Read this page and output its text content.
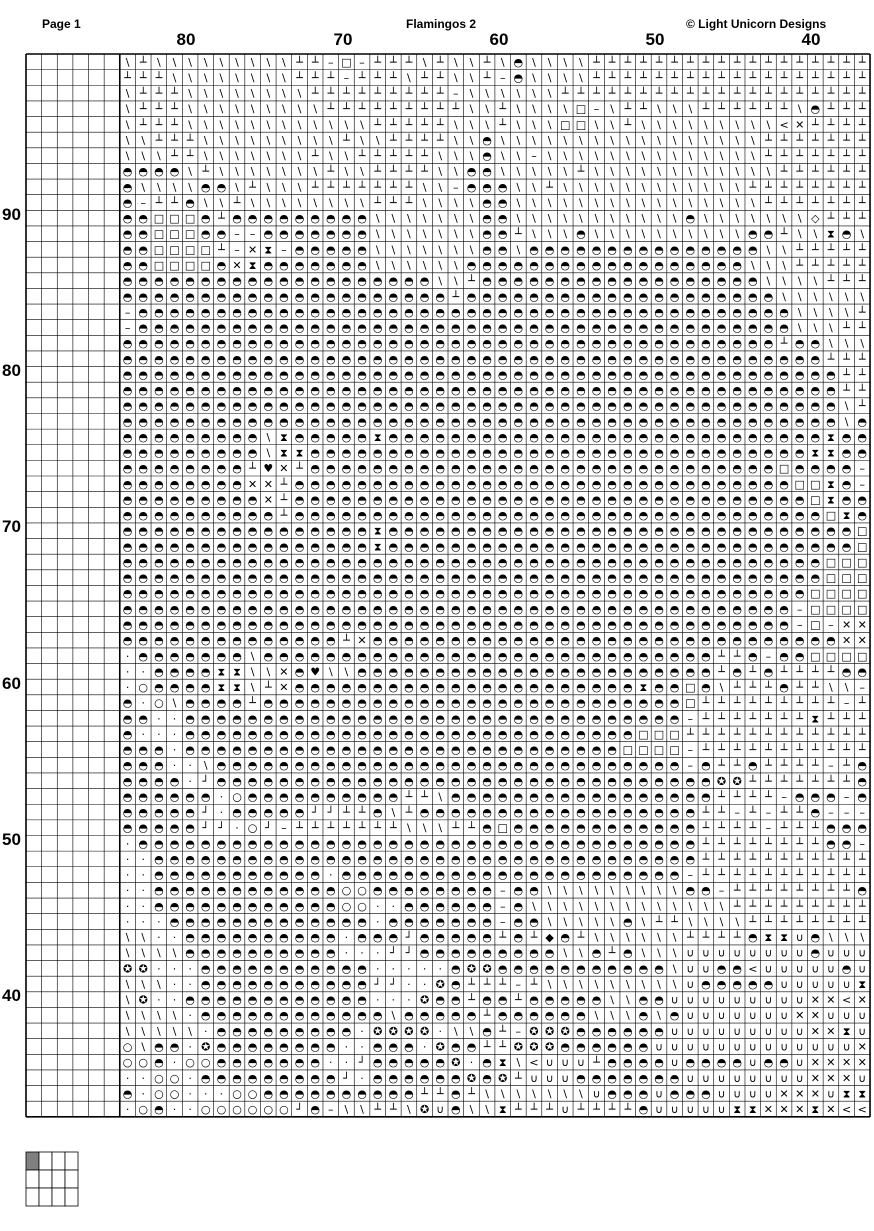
Page 1	Flamingos 2	© Light Unicorn Designs
80	70	60	50	40
90
80
70
60
50
40
\ ┴ \ \ \ \ \ \ \ \ \ ┴ ┴ – □ – ┴ ┴ ┴ \ ┴ \ \ ┴ \ ◓ \ \ \ \ ┴ ┴ ┴ ┴ ┴ ┴ ┴ ┴ ┴ ┴ ┴ ┴ ┴ ┴ ┴ ┴ ┴ ┴
┴ ┴ ┴ \ \ \ \ \ \ \ \ ┴ ┴ ┴ – ┴ ┴ ┴ \ ┴ ┴ \ \ ┴ – ◓ \ \ \ \ ┴ ┴ ┴ ┴ ┴ ┴ ┴ ┴ ┴ ┴ ┴ ┴ ┴ ┴ ┴ ┴ ┴ ┴
\ ┴ ┴ ┴ \ \ \ \ \ \ \ \ ┴ ┴ ┴ ┴ ┴ ┴ ┴ ┴ ┴ – \ \ \ \ \ \ ┴ ┴ ┴ ┴ ┴ ┴ ┴ ┴ ┴ ┴ ┴ ┴ ┴ ┴ ┴ ┴ ┴ ┴ ┴ ┴
\ ┴ ┴ ┴ \ \ \ \ \ \ \ \ \ ┴ ┴ ┴ ┴ ┴ ┴ ┴ ┴ ┴ \ \ ┴ \ \ \ \ □ – \ ┴ ┴ \ \ \ ┴ ┴ ┴ ┴ ┴ ┴ \ ◓ ┴ ┴ ┴
\ ┴ ┴ ┴ \ \ \ \ \ \ \ \ \ \ \ \ ┴ ┴ ┴ ┴ ┴ \ \ \ ┴ \ \ \ □ □ \ \ ┴ \ \ \ \ \ \ \ \ \ < ✕ ┴ ┴ ┴ ┴
\ \ ┴ ┴ ┴ \ \ \ \ \ \ \ \ \ ┴ \ \ ┴ ┴ ┴ ┴ \ \ ◓ \ \ \ \ \ \ \ \ \ \ \ \ \ \ \ \ \ ┴ ┴ ┴ ┴ ┴ ┴ ┴
\ \ \ ┴ ┴ \ \ \ \ \ \ \ ┴ \ \ ┴ ┴ ┴ ┴ ┴ \ \ \ ◓ \ \ – \ \ \ \ \ \ \ \ \ \ \ \ \ \ ┴ ┴ ┴ ┴ ┴ ┴ ┴
◓ ◓ ◓ ◓ \ ┴ \ \ \ \ \ \ \ ┴ \ \ ┴ ┴ ┴ ┴ \ \ ◓ ◓ \ \ \ \ \ ┴ \ \ \ \ \ \ \ \ \ \ \ \ ┴ ┴ ┴ ┴ ┴ ┴
◓ \ \ \ \ ◓ ◓ \ ┴ \ \ \ ┴ ┴ ┴ ┴ ┴ ┴ ┴ \ \ – ◓ ◓ ◓ \ \ ┴ \ \ \ \ \ \ \ \ \ \ \ \ ┴ ┴ ┴ ┴ ┴ ┴ ┴ ┴
◓ – ┴ ┴ ◓ \ \ ┴ \ \ \ \ \ \ \ \ ┴ ┴ ┴ \ \ \ \ ◓ ◓ \ \ \ \ \ \ \ \ \ \ \ \ \ \ \ \ ┴ ┴ ┴ ┴ ┴ ┴ ┴
◓ ◓ □ □ □ ◓ ┴ ◓ ◓ ◓ ◓ ◓ ◓ ◓ ◓ ◓ \ \ \ \ \ \ \ ◓ ◓ \ \ \ \ \ \ \ \ \ \ \ ◓ \ \ \ \ \ \ \ ◇ ┴ ┴ ┴
◓ ◓ □ □ □ ◓ ◓ – – ◓ ◓ ◓ ◓ ◓ ◓ ◓ \ \ \ \ \ \ \ ◓ ◓ ┴ \ \ \ ◓ \ \ \ \ \ \ \ \ \ \ ◓ ◓ ┴ \ \ ⧗ ◓ \
◓ ◓ □ □ □ □ ┴ – ✕ ⧗ – ◓ ◓ ◓ ◓ ◓ \ \ \ \ \ \ \ ◓ ◓ \ ◓ ◓ ◓ ◓ ◓ ◓ ◓ ◓ ◓ ◓ ◓ ◓ ◓ ◓ ◓ \ \ ┴ ┴ ┴ ┴ ┴
◓ ◓ □ □ □ □ ◓ ✕ ⧗ ◓ ◓ ◓ ◓ ◓ ◓ ◓ \ \ \ \ \ \ ◓ ◓ ◓ ◓ ◓ ◓ ◓ ◓ ◓ ◓ ◓ ◓ ◓ ◓ ◓ ◓ ◓ ◓ \ \ \ ┴ ┴ ┴ ┴ ┴
◓ ◓ ◓ ◓ ◓ ◓ ◓ ◓ ◓ ◓ ◓ ◓ ◓ ◓ ◓ ◓ ◓ ◓ ◓ ◓ \ \ ┴ ◓ ◓ ◓ ◓ ◓ ◓ ◓ ◓ ◓ ◓ ◓ ◓ ◓ ◓ ◓ ◓ ◓ ◓ \ \ \ \ ┴ ┴ ┴
◓ ◓ ◓ ◓ ◓ ◓ ◓ ◓ ◓ ◓ ◓ ◓ ◓ ◓ ◓ ◓ ◓ ◓ ◓ ◓ ◓ ┴ ◓ ◓ ◓ ◓ ◓ ◓ ◓ ◓ ◓ ◓ ◓ ◓ ◓ ◓ ◓ ◓ ◓ ◓ ◓ ◓ \ \ \ \ \ \
– ◓ ◓ ◓ ◓ ◓ ◓ ◓ ◓ ◓ ◓ ◓ ◓ ◓ ◓ ◓ ◓ ◓ ◓ ◓ ◓ ◓ ◓ ◓ ◓ ◓ ◓ ◓ ◓ ◓ ◓ ◓ ◓ ◓ ◓ ◓ ◓ ◓ ◓ ◓ ◓ ◓ ◓ \ \ \ \ ┴
– ◓ ◓ ◓ ◓ ◓ ◓ ◓ ◓ ◓ ◓ ◓ ◓ ◓ ◓ ◓ ◓ ◓ ◓ ◓ ◓ ◓ ◓ ◓ ◓ ◓ ◓ ◓ ◓ ◓ ◓ ◓ ◓ ◓ ◓ ◓ ◓ ◓ ◓ ◓ ◓ ◓ ◓ \ \ \ ┴ ┴
◓ ◓ ◓ ◓ ◓ ◓ ◓ ◓ ◓ ◓ ◓ ◓ ◓ ◓ ◓ ◓ ◓ ◓ ◓ ◓ ◓ ◓ ◓ ◓ ◓ ◓ ◓ ◓ ◓ ◓ ◓ ◓ ◓ ◓ ◓ ◓ ◓ ◓ ◓ ◓ ◓ ◓ ┴ ◓ ◓ \ \ \
◓ ◓ ◓ ◓ ◓ ◓ ◓ ◓ ◓ ◓ ◓ ◓ ◓ ◓ ◓ ◓ ◓ ◓ ◓ ◓ ◓ ◓ ◓ ◓ ◓ ◓ ◓ ◓ ◓ ◓ ◓ ◓ ◓ ◓ ◓ ◓ ◓ ◓ ◓ ◓ ◓ ◓ ◓ ◓ ◓ ┴ ┴ ┴
◓ ◓ ◓ ◓ ◓ ◓ ◓ ◓ ◓ ◓ ◓ ◓ ◓ ◓ ◓ ◓ ◓ ◓ ◓ ◓ ◓ ◓ ◓ ◓ ◓ ◓ ◓ ◓ ◓ ◓ ◓ ◓ ◓ ◓ ◓ ◓ ◓ ◓ ◓ ◓ ◓ ◓ ◓ ◓ ◓ ◓ ┴ ┴
◓ ◓ ◓ ◓ ◓ ◓ ◓ ◓ ◓ ◓ ◓ ◓ ◓ ◓ ◓ ◓ ◓ ◓ ◓ ◓ ◓ ◓ ◓ ◓ ◓ ◓ ◓ ◓ ◓ ◓ ◓ ◓ ◓ ◓ ◓ ◓ ◓ ◓ ◓ ◓ ◓ ◓ ◓ ◓ ◓ ◓ ┴ ┴
◓ ◓ ◓ ◓ ◓ ◓ ◓ ◓ ◓ ◓ ◓ ◓ ◓ ◓ ◓ ◓ ◓ ◓ ◓ ◓ ◓ ◓ ◓ ◓ ◓ ◓ ◓ ◓ ◓ ◓ ◓ ◓ ◓ ◓ ◓ ◓ ◓ ◓ ◓ ◓ ◓ ◓ ◓ ◓ ◓ ◓ \ ┴
◓ ◓ ◓ ◓ ◓ ◓ ◓ ◓ ◓ ◓ ◓ ◓ ◓ ◓ ◓ ◓ ◓ ◓ ◓ ◓ ◓ ◓ ◓ ◓ ◓ ◓ ◓ ◓ ◓ ◓ ◓ ◓ ◓ ◓ ◓ ◓ ◓ ◓ ◓ ◓ ◓ ◓ ◓ ◓ ◓ ◓ \ ◓
◓ ◓ ◓ ◓ ◓ ◓ ◓ ◓ ◓ \ ⧗ ◓ ◓ ◓ ◓ ◓ ⧗ ◓ ◓ ◓ ◓ ◓ ◓ ◓ ◓ ◓ ◓ ◓ ◓ ◓ ◓ ◓ ◓ ◓ ◓ ◓ ◓ ◓ ◓ ◓ ◓ ◓ ◓ ◓ ◓ ⧗ ◓ ◓
◓ ◓ ◓ ◓ ◓ ◓ ◓ ◓ ◓ \ ⧗ ⧗ ◓ ◓ ◓ ◓ ◓ ◓ ◓ ◓ ◓ ◓ ◓ ◓ ◓ ◓ ◓ ◓ ◓ ◓ ◓ ◓ ◓ ◓ ◓ ◓ ◓ ◓ ◓ ◓ ◓ ◓ ◓ ◓ ⧗ ⧗ ◓ ◓
◓ ◓ ◓ ◓ ◓ ◓ ◓ ◓ ┴ ♥ ✕ ┴ ◓ ◓ ◓ ◓ ◓ ◓ ◓ ◓ ◓ ◓ ◓ ◓ ◓ ◓ ◓ ◓ ◓ ◓ ◓ ◓ ◓ ◓ ◓ ◓ ◓ ◓ ◓ ◓ ◓ ◓ □ ◓ ◓ ◓ ◓ –
◓ ◓ ◓ ◓ ◓ ◓ ◓ ◓ ✕ ✕ ┴ ◓ ◓ ◓ ◓ ◓ ◓ ◓ ◓ ◓ ◓ ◓ ◓ ◓ ◓ ◓ ◓ ◓ ◓ ◓ ◓ ◓ ◓ ◓ ◓ ◓ ◓ ◓ ◓ ◓ ◓ ◓ ◓ □ □ ⧗ ◓ –
◓ ◓ ◓ ◓ ◓ ◓ ◓ ◓ ◓ ✕ ┴ ◓ ◓ ◓ ◓ ◓ ◓ ◓ ◓ ◓ ◓ ◓ ◓ ◓ ◓ ◓ ◓ ◓ ◓ ◓ ◓ ◓ ◓ ◓ ◓ ◓ ◓ ◓ ◓ ◓ ◓ ◓ ◓ ◓ □ ⧗ ◓ ◓
◓ ◓ ◓ ◓ ◓ ◓ ◓ ◓ ◓ ◓ ┴ ◓ ◓ ◓ ◓ ◓ ◓ ◓ ◓ ◓ ◓ ◓ ◓ ◓ ◓ ◓ ◓ ◓ ◓ ◓ ◓ ◓ ◓ ◓ ◓ ◓ ◓ ◓ ◓ ◓ ◓ ◓ ◓ ◓ ◓ □ ⧗ ◓
◓ ◓ ◓ ◓ ◓ ◓ ◓ ◓ ◓ ◓ ◓ ◓ ◓ ◓ ◓ ◓ ⧗ ◓ ◓ ◓ ◓ ◓ ◓ ◓ ◓ ◓ ◓ ◓ ◓ ◓ ◓ ◓ ◓ ◓ ◓ ◓ ◓ ◓ ◓ ◓ ◓ ◓ ◓ ◓ ◓ ◓ ◓ □
◓ ◓ ◓ ◓ ◓ ◓ ◓ ◓ ◓ ◓ ◓ ◓ ◓ ◓ ◓ ◓ ⧗ ◓ ◓ ◓ ◓ ◓ ◓ ◓ ◓ ◓ ◓ ◓ ◓ ◓ ◓ ◓ ◓ ◓ ◓ ◓ ◓ ◓ ◓ ◓ ◓ ◓ ◓ ◓ ◓ ◓ ◓ □
◓ ◓ ◓ ◓ ◓ ◓ ◓ ◓ ◓ ◓ ◓ ◓ ◓ ◓ ◓ ◓ ◓ ◓ ◓ ◓ ◓ ◓ ◓ ◓ ◓ ◓ ◓ ◓ ◓ ◓ ◓ ◓ ◓ ◓ ◓ ◓ ◓ ◓ ◓ ◓ ◓ ◓ ◓ ◓ ◓ □ □ □
◓ ◓ ◓ ◓ ◓ ◓ ◓ ◓ ◓ ◓ ◓ ◓ ◓ ◓ ◓ ◓ ◓ ◓ ◓ ◓ ◓ ◓ ◓ ◓ ◓ ◓ ◓ ◓ ◓ ◓ ◓ ◓ ◓ ◓ ◓ ◓ ◓ ◓ ◓ ◓ ◓ ◓ ◓ ◓ ◓ □ □ □
◓ ◓ ◓ ◓ ◓ ◓ ◓ ◓ ◓ ◓ ◓ ◓ ◓ ◓ ◓ ◓ ◓ ◓ ◓ ◓ ◓ ◓ ◓ ◓ ◓ ◓ ◓ ◓ ◓ ◓ ◓ ◓ ◓ ◓ ◓ ◓ ◓ ◓ ◓ ◓ ◓ ◓ ◓ ◓ □ □ □ □
◓ ◓ ◓ ◓ ◓ ◓ ◓ ◓ ◓ ◓ ◓ ◓ ◓ ◓ ◓ ◓ ◓ ◓ ◓ ◓ ◓ ◓ ◓ ◓ ◓ ◓ ◓ ◓ ◓ ◓ ◓ ◓ ◓ ◓ ◓ ◓ ◓ ◓ ◓ ◓ ◓ ◓ ◓ – □ □ □ □
◓ ◓ ◓ ◓ ◓ ◓ ◓ ◓ ◓ ◓ ◓ ◓ ◓ ◓ ◓ ◓ ◓ ◓ ◓ ◓ ◓ ◓ ◓ ◓ ◓ ◓ ◓ ◓ ◓ ◓ ◓ ◓ ◓ ◓ ◓ ◓ ◓ ◓ ◓ ◓ ◓ ◓ ◓ – □ – ✕ ✕
◓ ◓ ◓ ◓ ◓ ◓ ◓ ◓ ◓ ◓ ◓ ◓ ◓ ◓ ┴ ✕ ◓ ◓ ◓ ◓ ◓ ◓ ◓ ◓ ◓ ◓ ◓ ◓ ◓ ◓ ◓ ◓ ◓ ◓ ◓ ◓ ◓ ◓ ◓ ◓ ◓ ◓ ◓ ◓ ◓ ◓ ✕ ✕
· ◓ ◓ ◓ ◓ ◓ ◓ ◓ \ ◓ ◓ ◓ ◓ ◓ ◓ ◓ ◓ ◓ ◓ ◓ ◓ ◓ ◓ ◓ ◓ ◓ ◓ ◓ ◓ ◓ ◓ ◓ ◓ ◓ ◓ ◓ ◓ ◓ ┴ ┴ ◓ – ◓ ◓ □ □ □ □
· · ◓ ◓ ◓ ◓ ⧗ ⧗ \ \ ✕ ◓ ♥ \ \ ◓ ◓ ◓ ◓ ◓ ◓ ◓ ◓ ◓ ◓ ◓ ◓ ◓ ◓ ◓ ◓ ◓ ◓ ◓ ◓ ◓ ◓ ◓ ┴ ◓ ┴ ◓ ┴ ┴ ┴ ┴ ◓ ◓
· ○ ◓ ◓ ◓ ◓ ⧗ ⧗ \ ┴ ✕ ◓ ◓ ◓ ◓ ◓ ◓ ◓ ◓ ◓ ◓ ◓ ◓ ◓ ◓ ◓ ◓ ◓ ◓ ◓ ◓ ◓ ◓ ⧗ ◓ ◓ □ ◓ \ ┴ ┴ ┴ ◓ ┴ ┴ \ \ –
◓ · ○ \ ◓ ◓ ◓ ◓ ┴ ◓ ◓ ◓ ◓ ◓ ◓ ◓ ◓ ◓ ◓ ◓ ◓ ◓ ◓ ◓ ◓ ◓ ◓ ◓ ◓ ◓ ◓ ◓ ◓ ◓ ◓ ◓ □ ┴ ┴ ┴ ┴ ┴ ┴ ┴ ┴ ┴ – ┴
◓ ◓ · · ◓ ◓ ◓ ◓ ◓ ◓ ◓ ◓ ◓ ◓ ◓ ◓ ◓ ◓ ◓ ◓ ◓ ◓ ◓ ◓ ◓ ◓ ◓ ◓ ◓ ◓ ◓ ◓ ◓ ◓ ◓ ◓ – ┴ ┴ ┴ ┴ ┴ ┴ ┴ ⧗ ┴ ┴ ┴
◓ · · · ◓ ◓ ◓ ◓ ◓ ◓ ◓ ◓ ◓ ◓ ◓ ◓ ◓ ◓ ◓ ◓ ◓ ◓ ◓ ◓ ◓ ◓ ◓ ◓ ◓ ◓ ◓ ◓ ◓ □ □ □ ┴ ┴ ┴ ┴ ┴ ┴ ┴ ┴ ┴ ┴ ┴ ┴
◓ ◓ ◓ · ◓ ◓ ◓ ◓ ◓ ◓ ◓ ◓ ◓ ◓ ◓ ◓ ◓ ◓ ◓ ◓ ◓ ◓ ◓ ◓ ◓ ◓ ◓ ◓ ◓ ◓ ◓ ◓ □ □ □ □ – ┴ ┴ ┴ ┴ ┴ ┴ ┴ ┴ ┴ ┴ ┴
◓ ◓ ◓ · · \ ◓ ◓ ◓ ◓ ◓ ◓ ◓ ◓ ◓ ◓ ◓ ◓ ◓ ◓ ◓ ◓ ◓ ◓ ◓ ◓ ◓ ◓ ◓ ◓ ◓ ◓ ◓ ◓ ◓ ◓ – ◓ ┴ ┴ ◓ ┴ ┴ ┴ ┴ – ┴ ◓
◓ ◓ ◓ ◓ · ┘ ◓ ◓ ◓ ◓ ◓ ◓ ◓ ◓ ◓ ◓ ◓ ◓ ◓ ◓ ◓ ◓ ◓ ◓ ◓ ◓ ◓ ◓ ◓ ◓ ◓ ◓ ◓ ◓ ◓ ◓ ◓ ◓ ✪ ✪ ┴ ┴ ┴ ┴ ┴ ┴ ┴ ◓
◓ ◓ ◓ ◓ ◓ ◓ · ○ ◓ ◓ ◓ ◓ ◓ ◓ ◓ ◓ ◓ ◓ ┴ ┴ \ ◓ ◓ ◓ ◓ ◓ ◓ ◓ ◓ ◓ ◓ ◓ ◓ ◓ ◓ ◓ ◓ ◓ ┴ ┴ ┴ ┴ – ◓ ◓ ◓ – ◓
◓ ◓ ◓ ◓ ◓ ┘ · ◓ ◓ ◓ ◓ ◓ ┘ ┘ ┴ ┴ ◓ \ ┴ ◓ ◓ ◓ ◓ ◓ ◓ ◓ ◓ ◓ ◓ ◓ ◓ ◓ ◓ ◓ ◓ ◓ ◓ ┴ ┴ – ┴ – ┴ ┴ ◓ – – –
◓ ◓ ◓ ◓ ◓ ┘ ┘ · ○ ┘ – ┴ ┴ ┴ ┴ ┴ ┴ ┴ \ \ \ ┴ ┴ ◓ □ ◓ ◓ ◓ ◓ ◓ ◓ ◓ ◓ ◓ ◓ ◓ ◓ ┴ ┴ ┴ ┴ – ┴ ┴ ┴ ◓ ◓ ◓
· ◓ ◓ ◓ ◓ ◓ ◓ ◓ ◓ ◓ ◓ ◓ ◓ ◓ ◓ ◓ ◓ ◓ ◓ ◓ ◓ ◓ ◓ ◓ ◓ ◓ ◓ ◓ ◓ ◓ ◓ ◓ ◓ ◓ ◓ ◓ ◓ ┴ ┴ ┴ ┴ ┴ ┴ ┴ ┴ ◓ ◓ –
· · ◓ ◓ ◓ ◓ ◓ ◓ ◓ ◓ ◓ ◓ ◓ ◓ ◓ ◓ ◓ ◓ ◓ ◓ ◓ ◓ ◓ ◓ ◓ ◓ ◓ ◓ ◓ ◓ ◓ ◓ ◓ ◓ ◓ ◓ ◓ ┴ ┴ ┴ ┴ ┴ ┴ ┴ ┴ ┴ ┴ ┴
· · ◓ ◓ ◓ ◓ ◓ ◓ ◓ ◓ ◓ ◓ ◓ · ◓ ◓ ◓ ◓ ◓ ◓ ◓ ◓ ◓ ◓ ◓ ◓ ◓ ◓ ◓ ◓ ◓ ◓ ◓ ◓ ◓ ◓ – ┴ ┴ ┴ ┴ ┴ ┴ ┴ ┴ ┴ ┴ ┴
· · ◓ ◓ ◓ ◓ ◓ ◓ ◓ ◓ ◓ ◓ ◓ ◓ ○ ○ ◓ ◓ ◓ ◓ ◓ ◓ ◓ ◓ – ◓ ◓ \ \ \ \ \ \ \ \ \ ◓ ◓ – ┴ ┴ ┴ ┴ ┴ ┴ ┴ ┴ ◓
· · ◓ ◓ ◓ ◓ ◓ ◓ ◓ ◓ ◓ ◓ ◓ ◓ ○ ○ · · ◓ ◓ ◓ ◓ ◓ ◓ – ◓ \ \ \ \ \ \ \ \ \ \ \ \ \ ┴ ┴ ┴ ┴ ┴ ┴ ┴ ┴ ┴
· · · ◓ ◓ ◓ ◓ ◓ ◓ ◓ ◓ ◓ ◓ ◓ ◓ ◓ · ◓ ◓ ◓ ◓ ◓ ◓ ◓ – ◓ ◓ \ \ \ \ \ ◓ \ ┴ ┴ \ \ \ \ ┴ ┴ ┴ ┴ ┴ ┴ ┴ ┴
\ \ · · ◓ ◓ ◓ ◓ ◓ ◓ ◓ ◓ ◓ ◓ · ◓ ◓ ◓ ┘ ◓ ◓ ◓ ◓ ◓ ┴ ◓ ┴ ◆ ◓ ┴ \ \ \ \ \ \ ┴ ┴ ┴ ┴ ◓ ⧗ ⧗ ∪ ◓ \ \ \
\ \ \ \ ◓ ◓ ◓ ◓ ◓ ◓ ◓ ◓ ◓ ◓ · · · ┘ ┘ ◓ ◓ ◓ ◓ ◓ ◓ ◓ ◓ ◓ \ \ ◓ ┴ ◓ \ \ \ ∪ ∪ ∪ ∪ ∪ ∪ ∪ ∪ ◓ ∪ ∪ ∪
✪ ✪ · · · ◓ ◓ ◓ ◓ ◓ ◓ ◓ ◓ ◓ ◓ ◓ · · · · · ◓ ✪ ✪ ◓ ◓ ◓ ◓ ◓ ◓ ◓ ◓ ◓ ◓ ◓ \ ∪ ∪ ◓ ◓ < ∪ ∪ ∪ ∪ ∪ ◓ ∪
\ \ \ · · ◓ ◓ ◓ ◓ ◓ ◓ ◓ ◓ ◓ ◓ ◓ ┘ ┘ · · ✪ ◓ ┴ ┴ ┴ – ┴ \ \ \ \ \ \ \ \ \ ∪ ◓ ◓ ◓ ◓ ◓ ∪ ∪ ∪ ∪ ∪ ⧗
\ ✪ · · ◓ ◓ ◓ ◓ ◓ ◓ ◓ ◓ ◓ ◓ ◓ ◓ · · · ✪ ◓ ◓ ┴ ◓ ◓ ┴ ◓ ◓ ◓ ◓ ◓ \ \ ◓ ◓ ∪ ∪ ∪ ∪ ∪ ∪ ∪ ∪ ∪ ✕ ✕ < ✕
\ \ \ \ · ◓ ◓ ◓ ◓ ◓ ◓ ◓ ◓ ◓ ◓ ◓ ◓ \ ◓ ◓ ◓ ◓ ◓ ┴ ◓ ◓ ◓ ◓ ◓ ◓ \ \ \ ◓ \ ◓ ∪ ∪ ∪ ∪ ∪ ∪ ∪ ✕ ✕ ∪ ∪ ∪
\ \ \ \ \ · ◓ ◓ ◓ ◓ ◓ ◓ ◓ ◓ ◓ · ✪ ✪ ✪ ✪ · \ \ ◓ ┴ – ✪ ✪ ✪ ◓ ◓ ◓ ◓ ◓ ◓ ∪ ∪ ∪ ∪ ∪ ∪ ∪ ∪ ∪ ✕ ✕ ⧗ ∪
○ \ ◓ ◓ · ✪ ◓ ◓ ◓ ◓ ◓ ◓ ◓ ◓ · · ◓ ◓ ◓ · ✪ ◓ ◓ ┴ ┴ ✪ ✪ ✪ ◓ ◓ ◓ ◓ ◓ ◓ ∪ ∪ ∪ ∪ ∪ ∪ ∪ ∪ ∪ ∪ ∪ ∪ ∪ ✕
○ ○ ◓ · ○ ○ ◓ ◓ ◓ ◓ ◓ ◓ ◓ · · ┘ ◓ ◓ ◓ ◓ ◓ ✪ · ◓ ⧗ \ < ∪ ∪ ∪ ┴ ◓ ◓ ◓ ◓ ∪ ◓ ◓ ◓ ◓ ∪ ◓ ◓ ∪ ✕ ✕ ✕ ✕
· · ○ ○ · ◓ ◓ ◓ ◓ ◓ ◓ ◓ ◓ ◓ ┘ · ◓ ◓ ◓ ◓ ◓ ◓ ✪ ◓ ✪ ┴ ∪ ∪ ∪ ◓ ◓ ◓ ◓ ◓ ◓ ◓ ∪ ∪ ∪ ∪ ∪ ∪ ∪ ∪ ✕ ✕ ✕ ∪
◓ · ○ ○ · · · ○ ○ ◓ ◓ ◓ ◓ ◓ ◓ ◓ ◓ ◓ ◓ ┴ ┴ ◓ ┴ \ \ \ \ \ \ \ ∪ ◓ ◓ ◓ ∪ ◓ ◓ ◓ ∪ ∪ ∪ ∪ ✕ ✕ ✕ ∪ ⧗ ⧗
· ○ ◓ · · ○ ○ ○ ○ ○ ○ ┘ ◓ – \ \ ┴ ┴ \ ✪ ∪ ◓ \ \ ⧗ ┴ ┴ ┴ ∪ ┴ ┴ ┴ ┴ ◓ ∪ ∪ ∪ ∪ ∪ ⧗ ⧗ ✕ ✕ ✕ ⧗ ✕ < <
